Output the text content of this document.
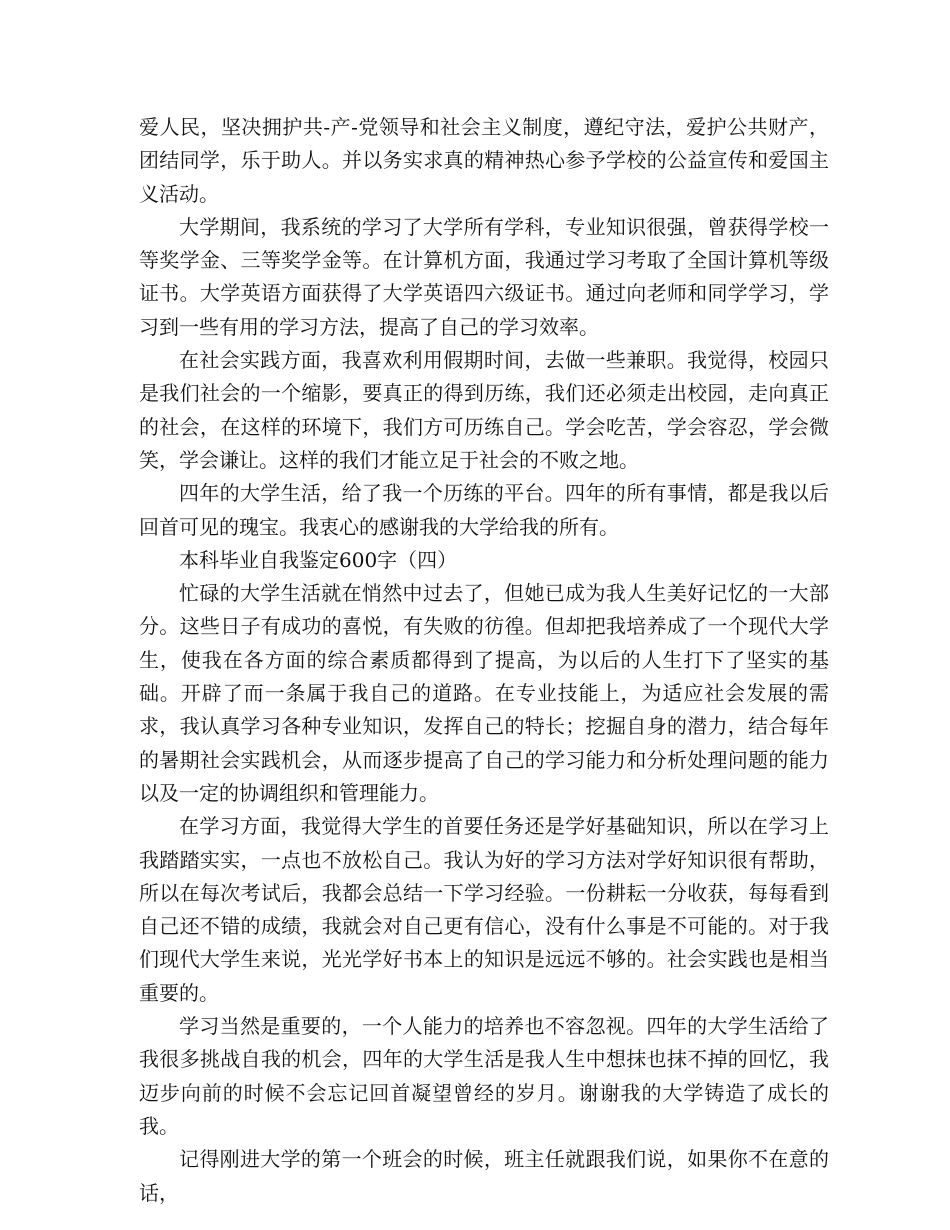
爱人民，坚决拥护共-产-党领导和社会主义制度，遵纪守法，爱护公共财产，团结同学，乐于助人。并以务实求真的精神热心参予学校的公益宣传和爱国主义活动。

大学期间，我系统的学习了大学所有学科，专业知识很强，曾获得学校一等奖学金、三等奖学金等。在计算机方面，我通过学习考取了全国计算机等级证书。大学英语方面获得了大学英语四六级证书。通过向老师和同学学习，学习到一些有用的学习方法，提高了自己的学习效率。

在社会实践方面，我喜欢利用假期时间，去做一些兼职。我觉得，校园只是我们社会的一个缩影，要真正的得到历练，我们还必须走出校园，走向真正的社会，在这样的环境下，我们方可历练自己。学会吃苦，学会容忍，学会微笑，学会谦让。这样的我们才能立足于社会的不败之地。

四年的大学生活，给了我一个历练的平台。四年的所有事情，都是我以后回首可见的瑰宝。我衷心的感谢我的大学给我的所有。

本科毕业自我鉴定600字（四）

忙碌的大学生活就在悄然中过去了，但她已成为我人生美好记忆的一大部分。这些日子有成功的喜悦，有失败的彷徨。但却把我培养成了一个现代大学生，使我在各方面的综合素质都得到了提高，为以后的人生打下了坚实的基础。开辟了而一条属于我自己的道路。在专业技能上，为适应社会发展的需求，我认真学习各种专业知识，发挥自己的特长；挖掘自身的潜力，结合每年的暑期社会实践机会，从而逐步提高了自己的学习能力和分析处理问题的能力以及一定的协调组织和管理能力。

在学习方面，我觉得大学生的首要任务还是学好基础知识，所以在学习上我踏踏实实，一点也不放松自己。我认为好的学习方法对学好知识很有帮助，所以在每次考试后，我都会总结一下学习经验。一份耕耘一分收获，每每看到自己还不错的成绩，我就会对自己更有信心，没有什么事是不可能的。对于我们现代大学生来说，光光学好书本上的知识是远远不够的。社会实践也是相当重要的。

学习当然是重要的，一个人能力的培养也不容忽视。四年的大学生活给了我很多挑战自我的机会，四年的大学生活是我人生中想抹也抹不掉的回忆，我迈步向前的时候不会忘记回首凝望曾经的岁月。谢谢我的大学铸造了成长的我。

记得刚进大学的第一个班会的时候，班主任就跟我们说，如果你不在意的话，
